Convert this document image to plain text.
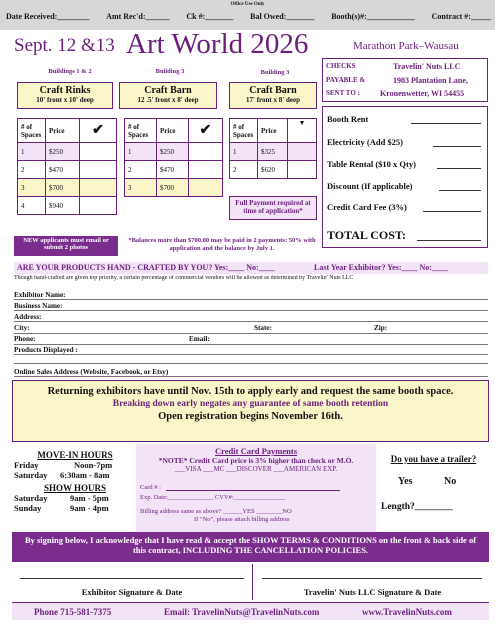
Office Use Only
Date Received:________ Amt Rec'd:______ Ck #:_______ Bal Owed:_______ Booth(s)#:____________ Contract #:_____
Sept. 12 &13 Art World 2026	Marathon Park–Wausau
Buildings 1 & 2	Building 3	Building 3
Craft Rinks
10' front x 10' deep
Craft Barn
12 .5' front x 8' deep
Craft Barn
17' front x 8' deep
# of Spaces	Price	✔
1	$250	
2	$470	
3	$700	
4	$940	
# of Spaces	Price	✔
1	$250	
2	$470	
3	$700	
# of Spaces	Price	▼
1	$325	
2	$620	
Full Payment required at time of application*
CHECKS
PAYABLE &
SENT TO :
Travelin' Nuts LLC
1983 Plantation Lane,
Kronenwetter, WI 54455
Booth Rent
Electricity (Add $25)
Table Rental ($10 x Qty)
Discount (If applicable)
Credit Card Fee (3%)
TOTAL COST:
NEW applicants must email or submit 2 photos
*Balances more than $700.00 may be paid in 2 payments: 50% with application and the balance by July 1.
ARE YOUR PRODUCTS HAND - CRAFTED BY YOU? Yes:____ No:____	Last Year Exhibitor? Yes:____ No:____
Though hand-crafted are given top priority, a certain percentage of commercial vendors will be allowed as determined by Travelin' Nuts LLC
Exhibitor Name:
Business Name:
Address:
City:	State:	Zip:
Phone:	Email:
Products Displayed :
Online Sales Address (Website, Facebook, or Etsy)
Returning exhibitors have until Nov. 15th to apply early and request the same booth space.
Breaking down early negates any guarantee of same booth retention
Open registration begins November 16th.
MOVE-IN HOURS
Friday	Noon-7pm
Saturday	6:30am - 8am
SHOW HOURS
Saturday	9am - 5pm
Sunday	9am - 4pm
Credit Card Payments
*NOTE* Credit Card price is 3% higher than check or M.O.
___VISA ___MC ___DISCOVER ___AMERICAN EXP.
Card # :
Exp. Date:______________ CVV#:________________
Billing address same as above? ______YES ________NO
If "No", please attach billing address
Do you have a trailer?
Yes	No
Length?________
By signing below, I acknowledge that I have read & accept the SHOW TERMS & CONDITIONS on the front & back side of this contract, INCLUDING THE CANCELLATION POLICIES.
Exhibitor Signature & Date	Travelin' Nuts LLC Signature & Date
Phone 715-581-7375	Email: TravelinNuts@TravelinNuts.com	www.TravelinNuts.com
